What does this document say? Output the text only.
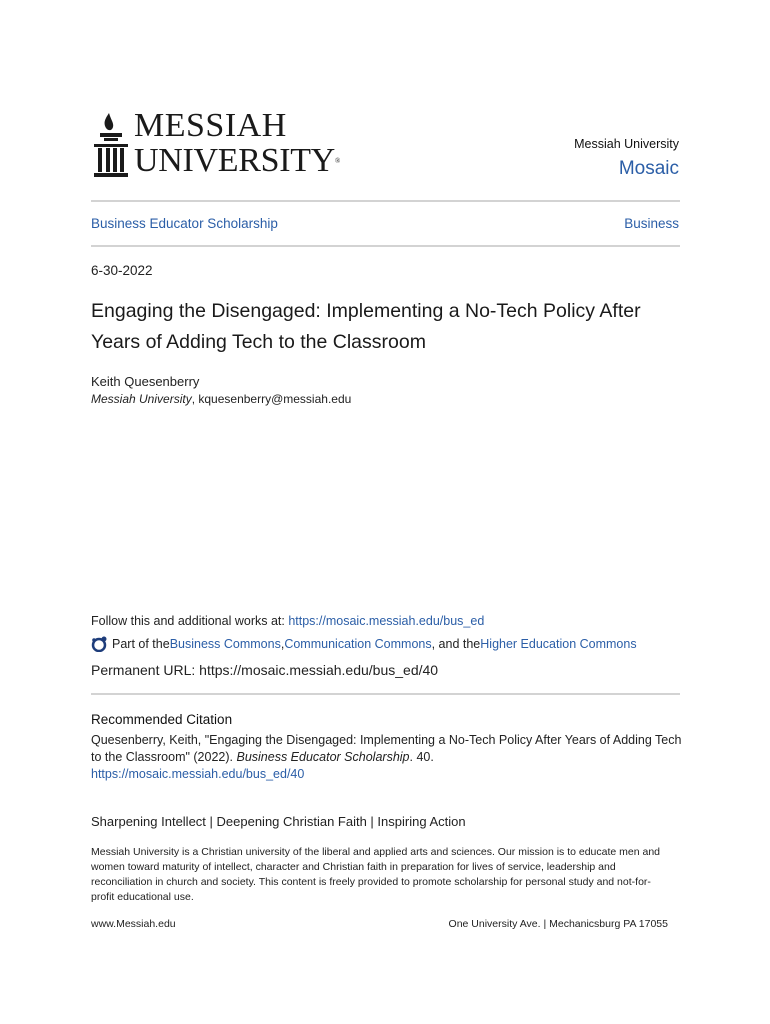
MESSIAH
UNIVERSITY®
Messiah University
Mosaic
Business Educator Scholarship	Business
6-30-2022
Engaging the Disengaged: Implementing a No-Tech Policy After Years of Adding Tech to the Classroom
Keith Quesenberry
Messiah University, kquesenberry@messiah.edu
Follow this and additional works at: https://mosaic.messiah.edu/bus_ed
Part of the Business Commons , Communication Commons , and the Higher Education Commons
Permanent URL: https://mosaic.messiah.edu/bus_ed/40
Recommended Citation
Quesenberry, Keith, "Engaging the Disengaged: Implementing a No-Tech Policy After Years of Adding Tech to the Classroom" (2022). Business Educator Scholarship. 40.
https://mosaic.messiah.edu/bus_ed/40
Sharpening Intellect | Deepening Christian Faith | Inspiring Action
Messiah University is a Christian university of the liberal and applied arts and sciences. Our mission is to educate men and women toward maturity of intellect, character and Christian faith in preparation for lives of service, leadership and reconciliation in church and society. This content is freely provided to promote scholarship for personal study and not-for-profit educational use.
www.Messiah.edu	One University Ave. | Mechanicsburg PA 17055
